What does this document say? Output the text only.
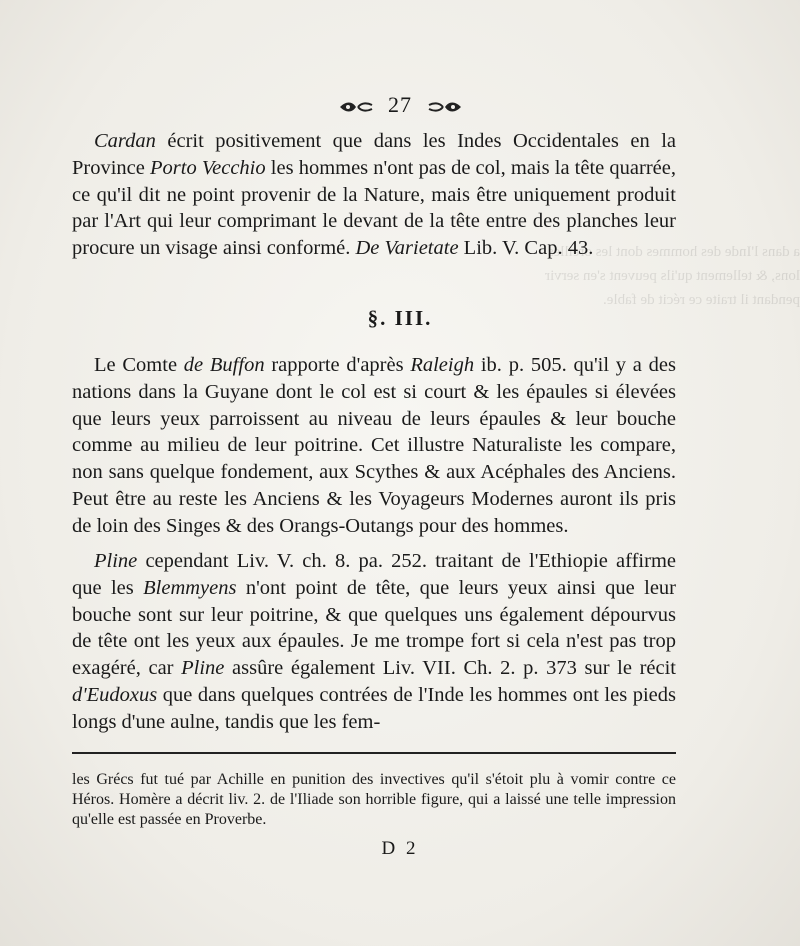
a dans l'Inde des hommes dont les oreilles
lons, & tellement qu'ils peuvent s'en servir
pendant il traite ce récit de fable.
27

Cardan écrit positivement que dans les Indes Occidentales en la Province Porto Vecchio les hommes n'ont pas de col, mais la tête quarrée, ce qu'il dit ne point provenir de la Nature, mais être uniquement produit par l'Art qui leur comprimant le devant de la tête entre des planches leur procure un visage ainsi conformé. De Varietate Lib. V. Cap. 43.

§. III.

Le Comte de Buffon rapporte d'après Raleigh ib. p. 505. qu'il y a des nations dans la Guyane dont le col est si court & les épaules si élevées que leurs yeux parroissent au niveau de leurs épaules & leur bouche comme au milieu de leur poitrine. Cet illustre Naturaliste les compare, non sans quelque fondement, aux Scythes & aux Acéphales des Anciens. Peut être au reste les Anciens & les Voyageurs Modernes auront ils pris de loin des Singes & des Orangs-Outangs pour des hommes.

Pline cependant Liv. V. ch. 8. pa. 252. traitant de l'Ethiopie affirme que les Blemmyens n'ont point de tête, que leurs yeux ainsi que leur bouche sont sur leur poitrine, & que quelques uns également dépourvus de tête ont les yeux aux épaules. Je me trompe fort si cela n'est pas trop exagéré, car Pline assûre également Liv. VII. Ch. 2. p. 373 sur le récit d'Eudoxus que dans quelques contrées de l'Inde les hommes ont les pieds longs d'une aulne, tandis que les fem-

les Grécs fut tué par Achille en punition des invectives qu'il s'étoit plu à vomir contre ce Héros. Homère a décrit liv. 2. de l'Iliade son horrible figure, qui a laissé une telle impression qu'elle est passée en Proverbe.
D 2
